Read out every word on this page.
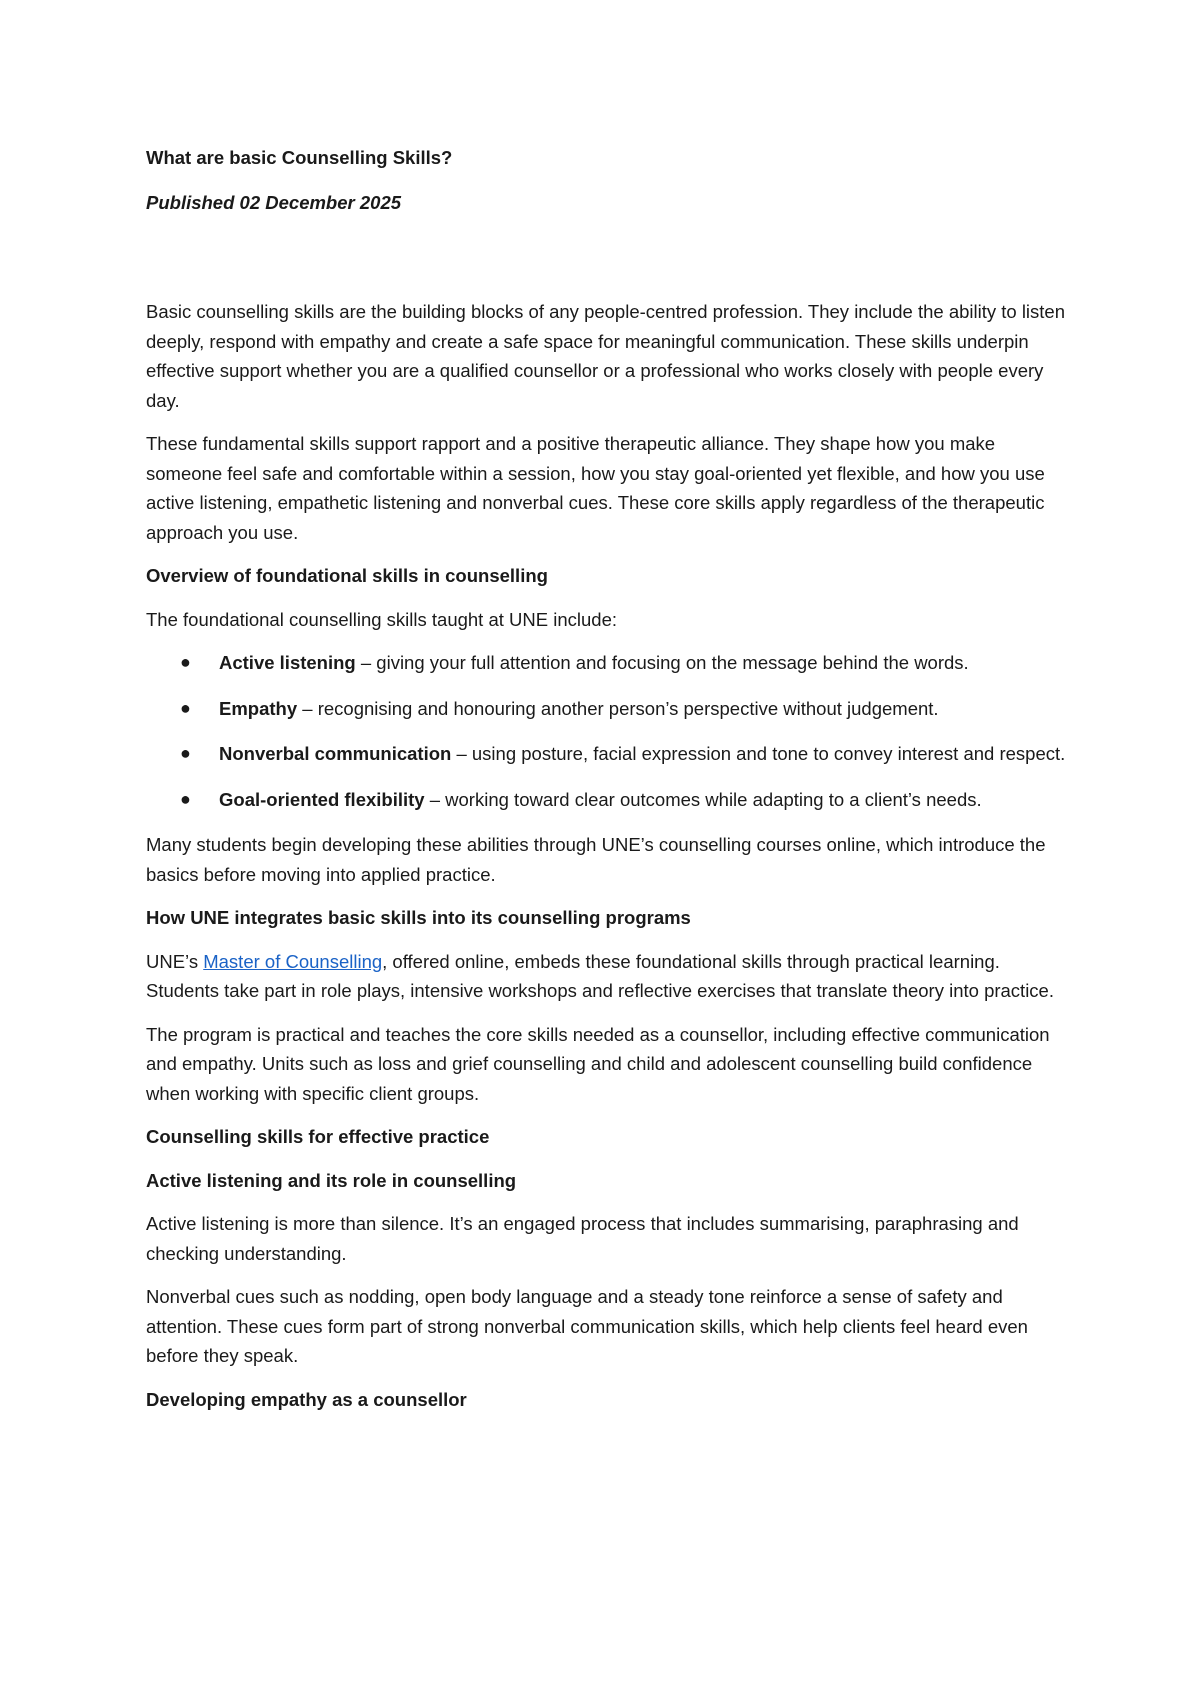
What are basic Counselling Skills?
Published 02 December 2025

Basic counselling skills are the building blocks of any people-centred profession. They include the ability to listen deeply, respond with empathy and create a safe space for meaningful communication. These skills underpin effective support whether you are a qualified counsellor or a professional who works closely with people every day.

These fundamental skills support rapport and a positive therapeutic alliance. They shape how you make someone feel safe and comfortable within a session, how you stay goal-oriented yet flexible, and how you use active listening, empathetic listening and nonverbal cues. These core skills apply regardless of the therapeutic approach you use.

Overview of foundational skills in counselling

The foundational counselling skills taught at UNE include:

● Active listening – giving your full attention and focusing on the message behind the words.
● Empathy – recognising and honouring another person’s perspective without judgement.
● Nonverbal communication – using posture, facial expression and tone to convey interest and respect.
● Goal-oriented flexibility – working toward clear outcomes while adapting to a client’s needs.

Many students begin developing these abilities through UNE’s counselling courses online, which introduce the basics before moving into applied practice.

How UNE integrates basic skills into its counselling programs

UNE’s Master of Counselling, offered online, embeds these foundational skills through practical learning. Students take part in role plays, intensive workshops and reflective exercises that translate theory into practice.

The program is practical and teaches the core skills needed as a counsellor, including effective communication and empathy. Units such as loss and grief counselling and child and adolescent counselling build confidence when working with specific client groups.

Counselling skills for effective practice
Active listening and its role in counselling

Active listening is more than silence. It’s an engaged process that includes summarising, paraphrasing and checking understanding.

Nonverbal cues such as nodding, open body language and a steady tone reinforce a sense of safety and attention. These cues form part of strong nonverbal communication skills, which help clients feel heard even before they speak.

Developing empathy as a counsellor
